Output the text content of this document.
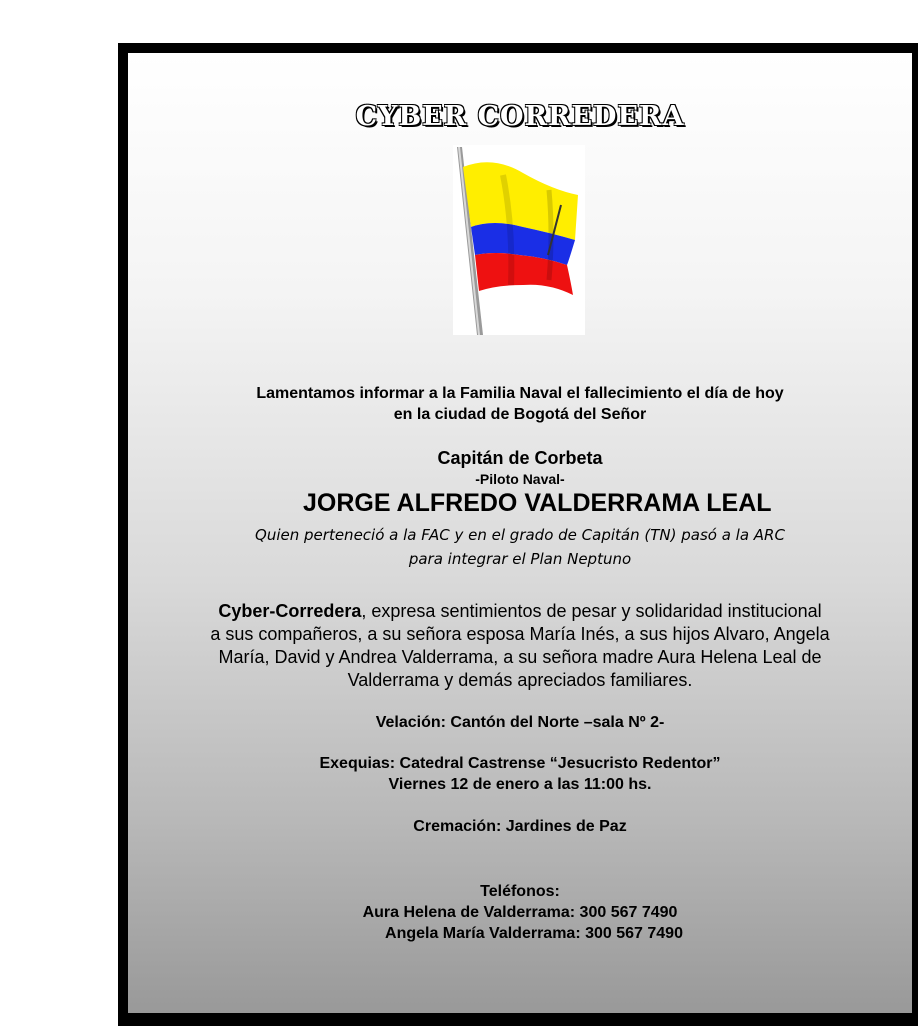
CYBER CORREDERA
Lamentamos informar a la Familia Naval el fallecimiento el día de hoy
en la ciudad de Bogotá del Señor
Capitán de Corbeta
-Piloto Naval-
JORGE ALFREDO VALDERRAMA LEAL
Quien perteneció a la FAC y en el grado de Capitán (TN) pasó a la ARC
para integrar el Plan Neptuno
Cyber-Corredera, expresa sentimientos de pesar y solidaridad institucional
a sus compañeros, a su señora esposa María Inés, a sus hijos Alvaro, Angela
María, David y Andrea Valderrama, a su señora madre Aura Helena Leal de
Valderrama y demás apreciados familiares.
Velación: Cantón del Norte –sala Nº 2-
Exequias: Catedral Castrense “Jesucristo Redentor”
Viernes 12 de enero a las 11:00 hs.
Cremación: Jardines de Paz
Teléfonos:
Aura Helena de Valderrama: 300 567 7490
Angela María Valderrama: 300 567 7490
